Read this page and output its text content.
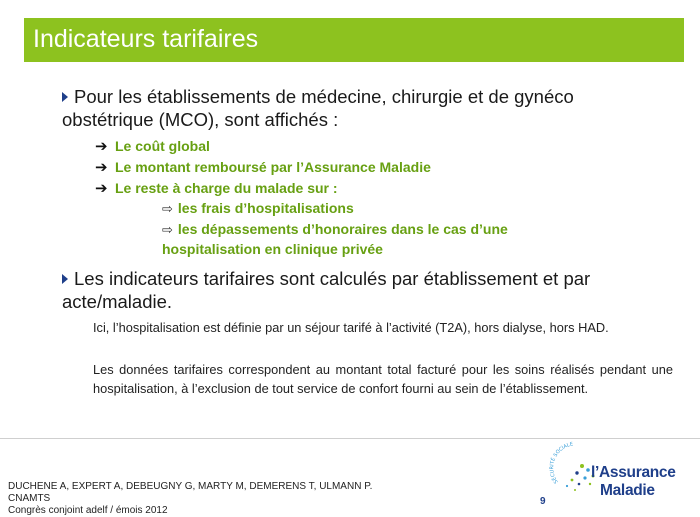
Indicateurs tarifaires
Pour les établissements de médecine, chirurgie et de gynéco obstétrique (MCO), sont affichés :
➔ Le coût global
➔ Le montant remboursé par l’Assurance Maladie
➔ Le reste à charge du malade sur :
⇨ les frais d’hospitalisations
⇨ les dépassements d’honoraires dans le cas d’une
hospitalisation en clinique privée
Les indicateurs tarifaires sont calculés par établissement et par acte/maladie.
Ici, l’hospitalisation est définie par un séjour tarifé à l’activité (T2A), hors dialyse, hors HAD.
Les données tarifaires correspondent au montant total facturé pour les soins réalisés pendant une hospitalisation, à l’exclusion de tout service de confort fourni au sein de l’établissement.
DUCHENE A, EXPERT A, DEBEUGNY G, MARTY M, DEMERENS T, ULMANN P.
CNAMTS
Congrès conjoint adelf / émois 2012
9
SÉCURITÉ SOCIALE
l’Assurance
Maladie
